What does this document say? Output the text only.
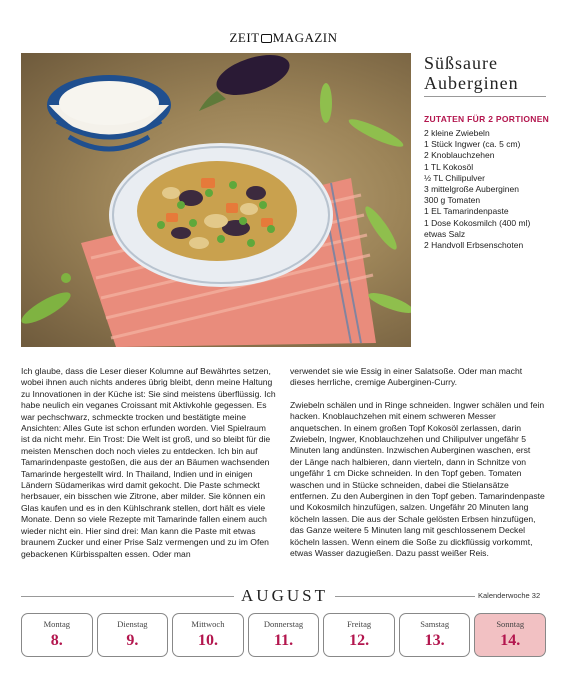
ZEIT MAGAZIN
Süßsaure
Auberginen
ZUTATEN FÜR 2 PORTIONEN
2 kleine Zwiebeln
1 Stück Ingwer (ca. 5 cm)
2 Knoblauchzehen
1 TL Kokosöl
½ TL Chilipulver
3 mittelgroße Auberginen
300 g Tomaten
1 EL Tamarindenpaste
1 Dose Kokosmilch (400 ml)
etwas Salz
2 Handvoll Erbsenschoten

Ich glaube, dass die Leser dieser Kolumne auf Bewährtes setzen, wobei ihnen auch nichts anderes übrig bleibt, denn meine Haltung zu Innovationen in der Küche ist: Sie sind meistens überflüssig. Ich habe neulich ein veganes Croissant mit Aktivkohle gegessen. Es war pechschwarz, schmeckte trocken und bestätigte meine Ansichten: Alles Gute ist schon erfunden worden. Viel Spielraum ist da nicht mehr. Ein Trost: Die Welt ist groß, und so bleibt für die meisten Menschen doch noch vieles zu entdecken. Ich bin auf Tamarindenpaste gestoßen, die aus der an Bäumen wachsenden Tamarinde hergestellt wird. In Thailand, Indien und in einigen Ländern Südamerikas wird damit gekocht. Die Paste schmeckt herbsauer, ein bisschen wie Zitrone, aber milder. Sie können ein Glas kaufen und es in den Kühlschrank stellen, dort hält es viele Monate. Denn so viele Rezepte mit Tamarinde fallen einem auch wieder nicht ein. Hier sind drei: Man kann die Paste mit etwas braunem Zucker und einer Prise Salz vermengen und zu im Ofen gebackenen Kürbisspalten essen. Oder man

verwendet sie wie Essig in einer Salatsoße. Oder man macht dieses herrliche, cremige Auberginen-Curry.

Zwiebeln schälen und in Ringe schneiden. Ingwer schälen und fein hacken. Knoblauchzehen mit einem schweren Messer anquetschen. In einem großen Topf Kokosöl zerlassen, darin Zwiebeln, Ingwer, Knoblauchzehen und Chilipulver ungefähr 5 Minuten lang andünsten. Inzwischen Auberginen waschen, erst der Länge nach halbieren, dann vierteln, dann in Schnitze von ungefähr 1 cm Dicke schneiden. In den Topf geben. Tomaten waschen und in Stücke schneiden, dabei die Stielansätze entfernen. Zu den Auberginen in den Topf geben. Tamarindenpaste und Kokosmilch hinzufügen, salzen. Ungefähr 20 Minuten lang köcheln lassen. Die aus der Schale gelösten Erbsen hinzufügen, das Ganze weitere 5 Minuten lang mit geschlossenem Deckel köcheln lassen. Wenn einem die Soße zu dickflüssig vorkommt, etwas Wasser dazugießen. Dazu passt weißer Reis.

AUGUST	Kalenderwoche 32
Montag
8.
Dienstag
9.
Mittwoch
10.
Donnerstag
11.
Freitag
12.
Samstag
13.
Sonntag
14.
